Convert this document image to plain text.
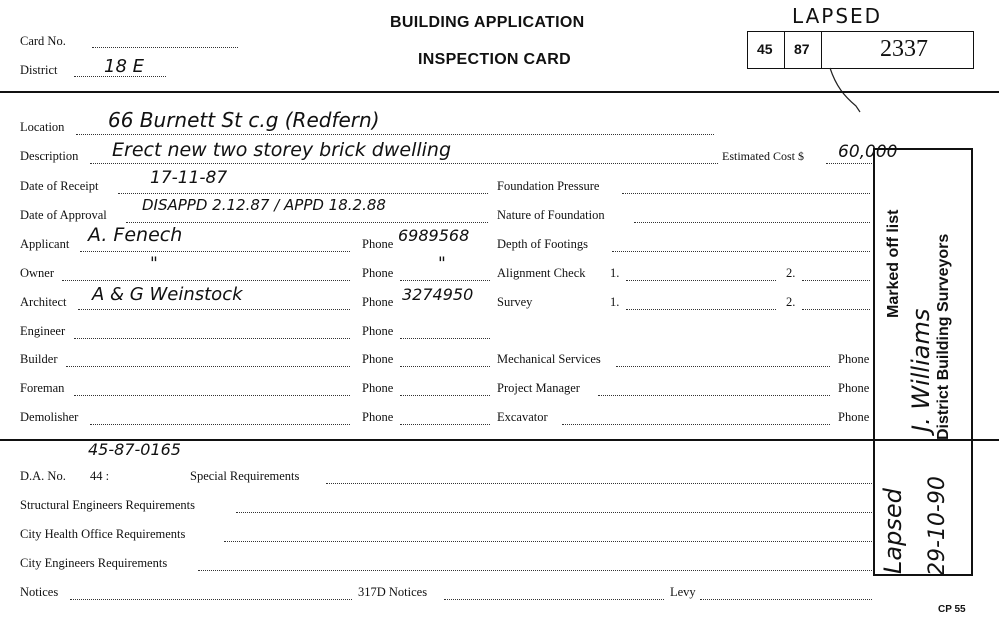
Card No.
District	18 E
BUILDING APPLICATION
INSPECTION CARD
LAPSED
45 87	2337
Location 66 Burnett St c.g (Redfern)
Description Erect new two storey brick dwelling	Estimated Cost $ 60,000
Date of Receipt	17-11-87
Date of Approval
DISAPPD 2.12.87 / APPD 18.2.88
Applicant A. Fenech	Phone 6989568
Owner	"	Phone	"
Architect A & G Weinstock	Phone 3274950
Engineer	Phone
Builder	Phone
Foreman	Phone
Demolisher	Phone
Foundation Pressure
Nature of Foundation
Depth of Footings
Alignment Check 1.	2.
Survey	1.	2.
Mechanical Services	Phone
Project Manager	Phone
Excavator	Phone
45-87-0165
D.A. No. 44 :	Special Requirements
Structural Engineers Requirements
City Health Office Requirements
City Engineers Requirements
Notices	317D Notices	Levy
Marked off list District Building Surveyors
J. Williams
Lapsed 29-10-90
CP 55
